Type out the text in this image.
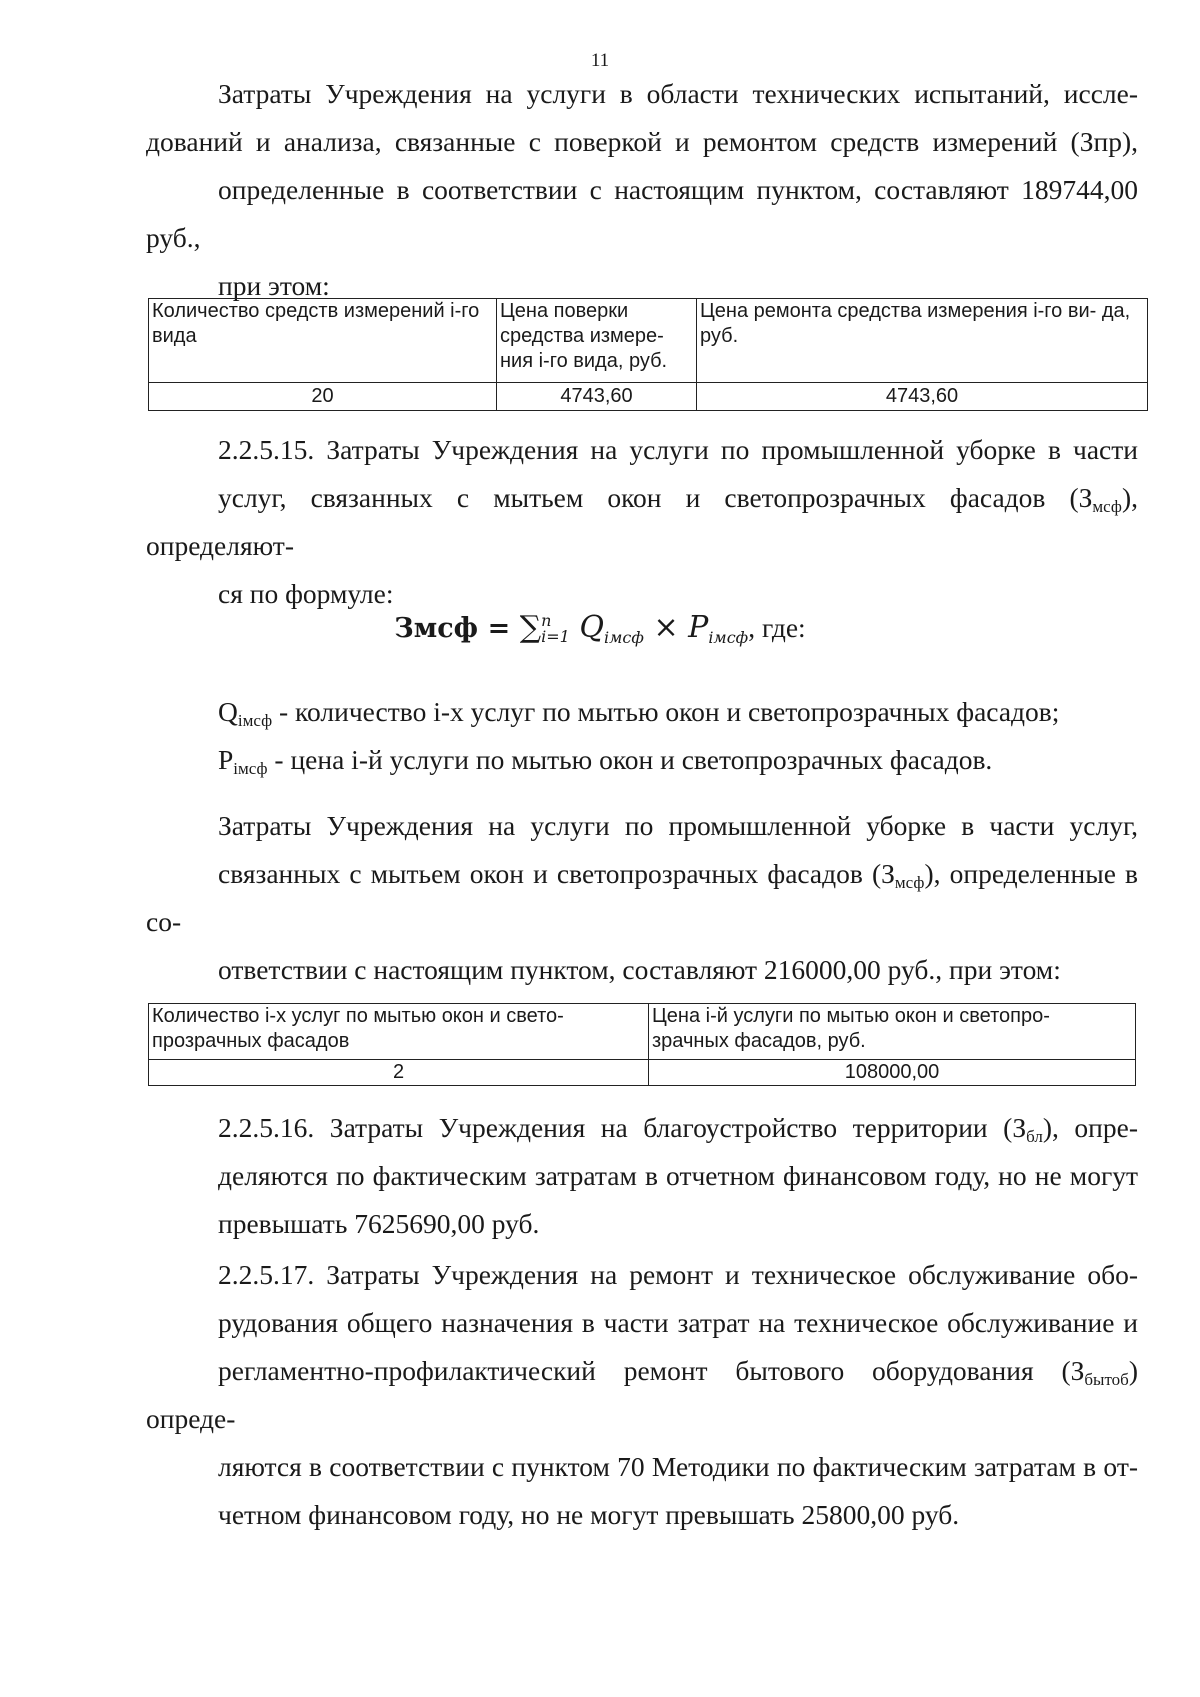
11

Затраты Учреждения на услуги в области технических испытаний, иссле-
дований и анализа, связанные с поверкой и ремонтом средств измерений (Зпр),
определенные в соответствии с настоящим пунктом, составляют 189744,00 руб.,
при этом:

Количество средств измерений i-го вида	Цена поверки средства измере- ния i-го вида, руб.	Цена ремонта средства измерения i-го ви- да, руб.
20	4743,60	4743,60

2.2.5.15. Затраты Учреждения на услуги по промышленной уборке в части
услуг, связанных с мытьем окон и светопрозрачных фасадов $(З_{мсф})$, определяют-
ся по формуле:

Змсф = ∑ n
i=1 $Q_{iмсф} \times P_{iмсф}$, где:
$Q_{iмсф}$ - количество i-х услуг по мытью окон и светопрозрачных фасадов;
$P_{iмсф}$ - цена i-й услуги по мытью окон и светопрозрачных фасадов.

Затраты Учреждения на услуги по промышленной уборке в части услуг,
связанных с мытьем окон и светопрозрачных фасадов $(З_{мсф})$, определенные в со-
ответствии с настоящим пунктом, составляют 216000,00 руб., при этом:

Количество i-х услуг по мытью окон и свето- прозрачных фасадов	Цена i-й услуги по мытью окон и светопро- зрачных фасадов, руб.
2	108000,00

2.2.5.16. Затраты Учреждения на благоустройство территории $(З_{бл})$, опре-
деляются по фактическим затратам в отчетном финансовом году, но не могут
превышать 7625690,00 руб.

2.2.5.17. Затраты Учреждения на ремонт и техническое обслуживание обо-
рудования общего назначения в части затрат на техническое обслуживание и
регламентно-профилактический ремонт бытового оборудования $(З_{бытоб})$ опреде-
ляются в соответствии с пунктом 70 Методики по фактическим затратам в от-
четном финансовом году, но не могут превышать 25800,00 руб.
